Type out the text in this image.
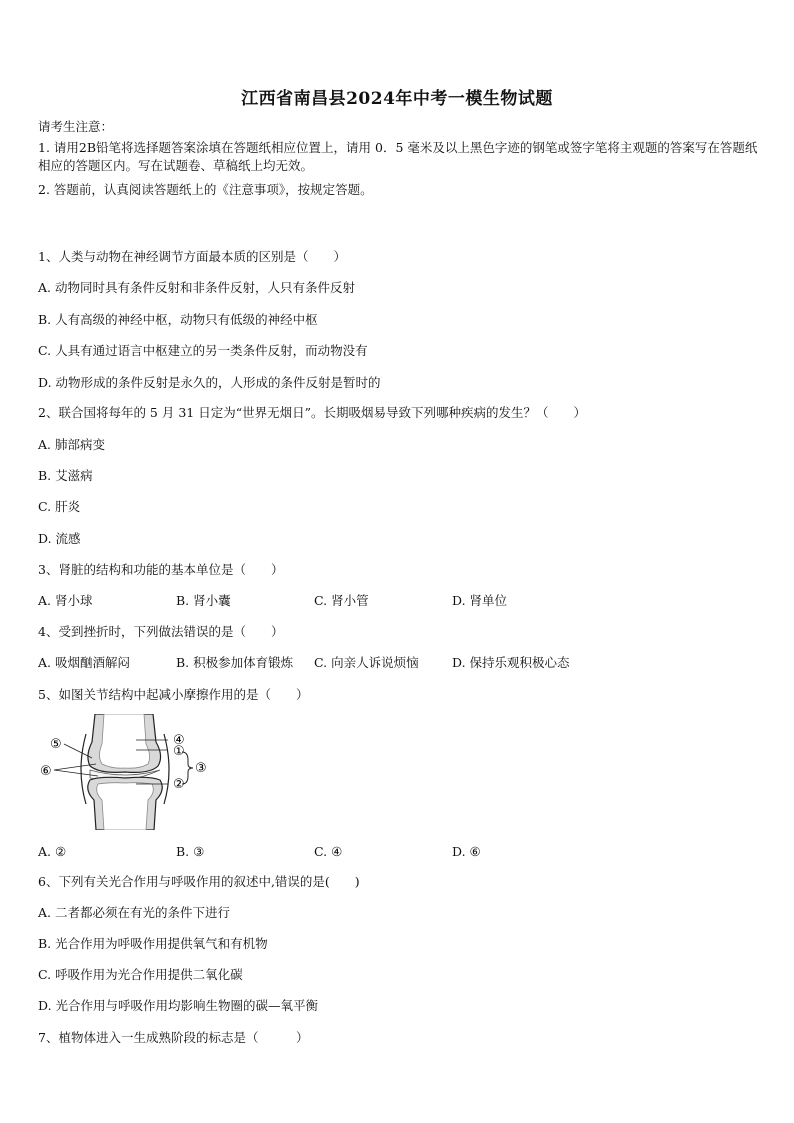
江西省南昌县2024年中考一模生物试题
请考生注意：
1. 请用2B铅笔将选择题答案涂填在答题纸相应位置上，请用 0．5 毫米及以上黑色字迹的钢笔或签字笔将主观题的答案写在答题纸相应的答题区内。写在试题卷、草稿纸上均无效。
2. 答题前，认真阅读答题纸上的《注意事项》，按规定答题。
1、人类与动物在神经调节方面最本质的区别是（　　）
A. 动物同时具有条件反射和非条件反射，人只有条件反射
B. 人有高级的神经中枢，动物只有低级的神经中枢
C. 人具有通过语言中枢建立的另一类条件反射，而动物没有
D. 动物形成的条件反射是永久的，人形成的条件反射是暂时的
2、联合国将每年的 5 月 31 日定为“世界无烟日”。长期吸烟易导致下列哪种疾病的发生？（　　）
A. 肺部病变
B. 艾滋病
C. 肝炎
D. 流感
3、肾脏的结构和功能的基本单位是（　　）
A. 肾小球	B. 肾小囊	C. 肾小管	D. 肾单位
4、受到挫折时，下列做法错误的是（　　）
A. 吸烟酗酒解闷	B. 积极参加体育锻炼 C. 向亲人诉说烦恼	D. 保持乐观积极心态
5、如图关节结构中起减小摩擦作用的是（　　）
④
①
②
③
⑤
⑥
A. ②	B. ③	C. ④	D. ⑥
6、下列有关光合作用与呼吸作用的叙述中,错误的是(　　)
A. 二者都必须在有光的条件下进行
B. 光合作用为呼吸作用提供氧气和有机物
C. 呼吸作用为光合作用提供二氧化碳
D. 光合作用与呼吸作用均影响生物圈的碳—氧平衡
7、植物体进入一生成熟阶段的标志是（　　　）
